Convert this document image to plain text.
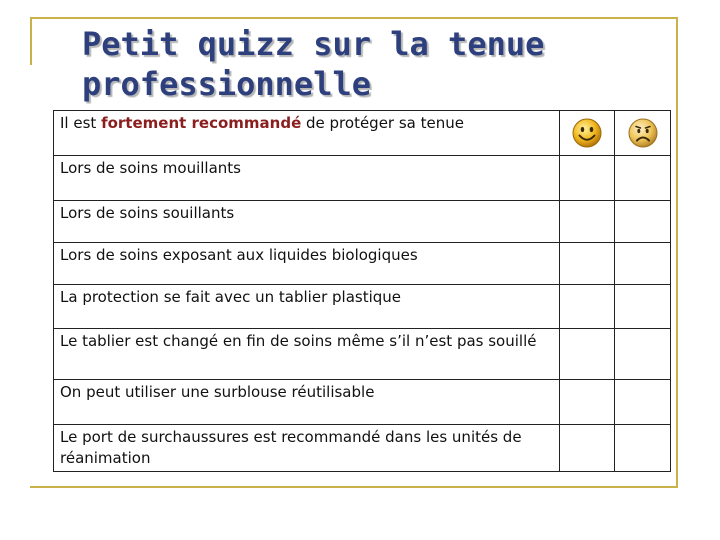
Petit quizz sur la tenue
professionnelle
Il est fortement recommandé de protéger sa tenue	

Lors de soins mouillants		
Lors de soins souillants		
Lors de soins exposant aux liquides biologiques		
La protection se fait avec un tablier plastique		
Le tablier est changé en fin de soins même s’il n’est pas souillé		
On peut utiliser une surblouse réutilisable		
Le port de surchaussures est recommandé dans les unités de réanimation		
